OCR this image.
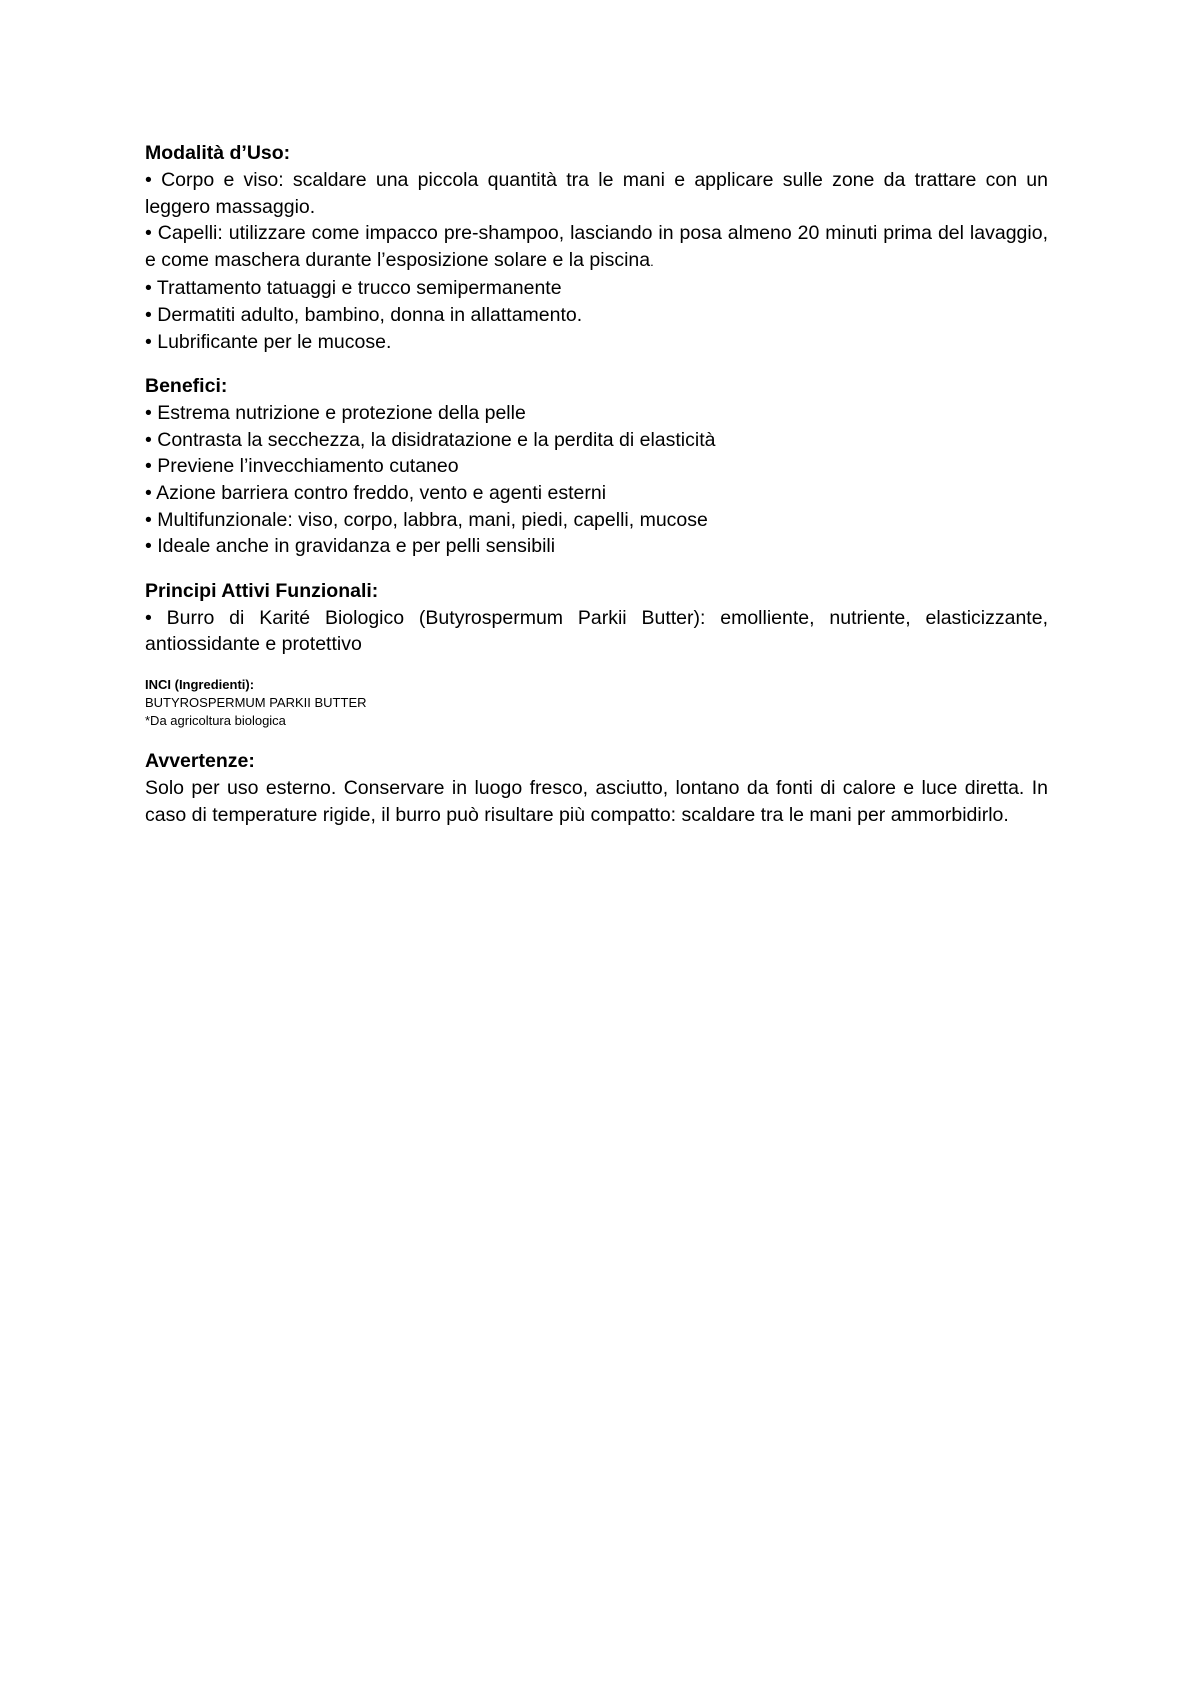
Modalità d’Uso:

• Corpo e viso: scaldare una piccola quantità tra le mani e applicare sulle zone da trattare con un leggero massaggio.

• Capelli: utilizzare come impacco pre-shampoo, lasciando in posa almeno 20 minuti prima del lavaggio, e come maschera durante l’esposizione solare e la piscina.

• Trattamento tatuaggi e trucco semipermanente

• Dermatiti adulto, bambino, donna in allattamento.

• Lubrificante per le mucose.

Benefici:

• Estrema nutrizione e protezione della pelle

• Contrasta la secchezza, la disidratazione e la perdita di elasticità

• Previene l’invecchiamento cutaneo

• Azione barriera contro freddo, vento e agenti esterni

• Multifunzionale: viso, corpo, labbra, mani, piedi, capelli, mucose

• Ideale anche in gravidanza e per pelli sensibili

Principi Attivi Funzionali:

• Burro di Karité Biologico (Butyrospermum Parkii Butter): emolliente, nutriente, elasticizzante, antiossidante e protettivo

INCI (Ingredienti):

BUTYROSPERMUM PARKII BUTTER

*Da agricoltura biologica

Avvertenze:

Solo per uso esterno. Conservare in luogo fresco, asciutto, lontano da fonti di calore e luce diretta. In caso di temperature rigide, il burro può risultare più compatto: scaldare tra le mani per ammorbidirlo.
